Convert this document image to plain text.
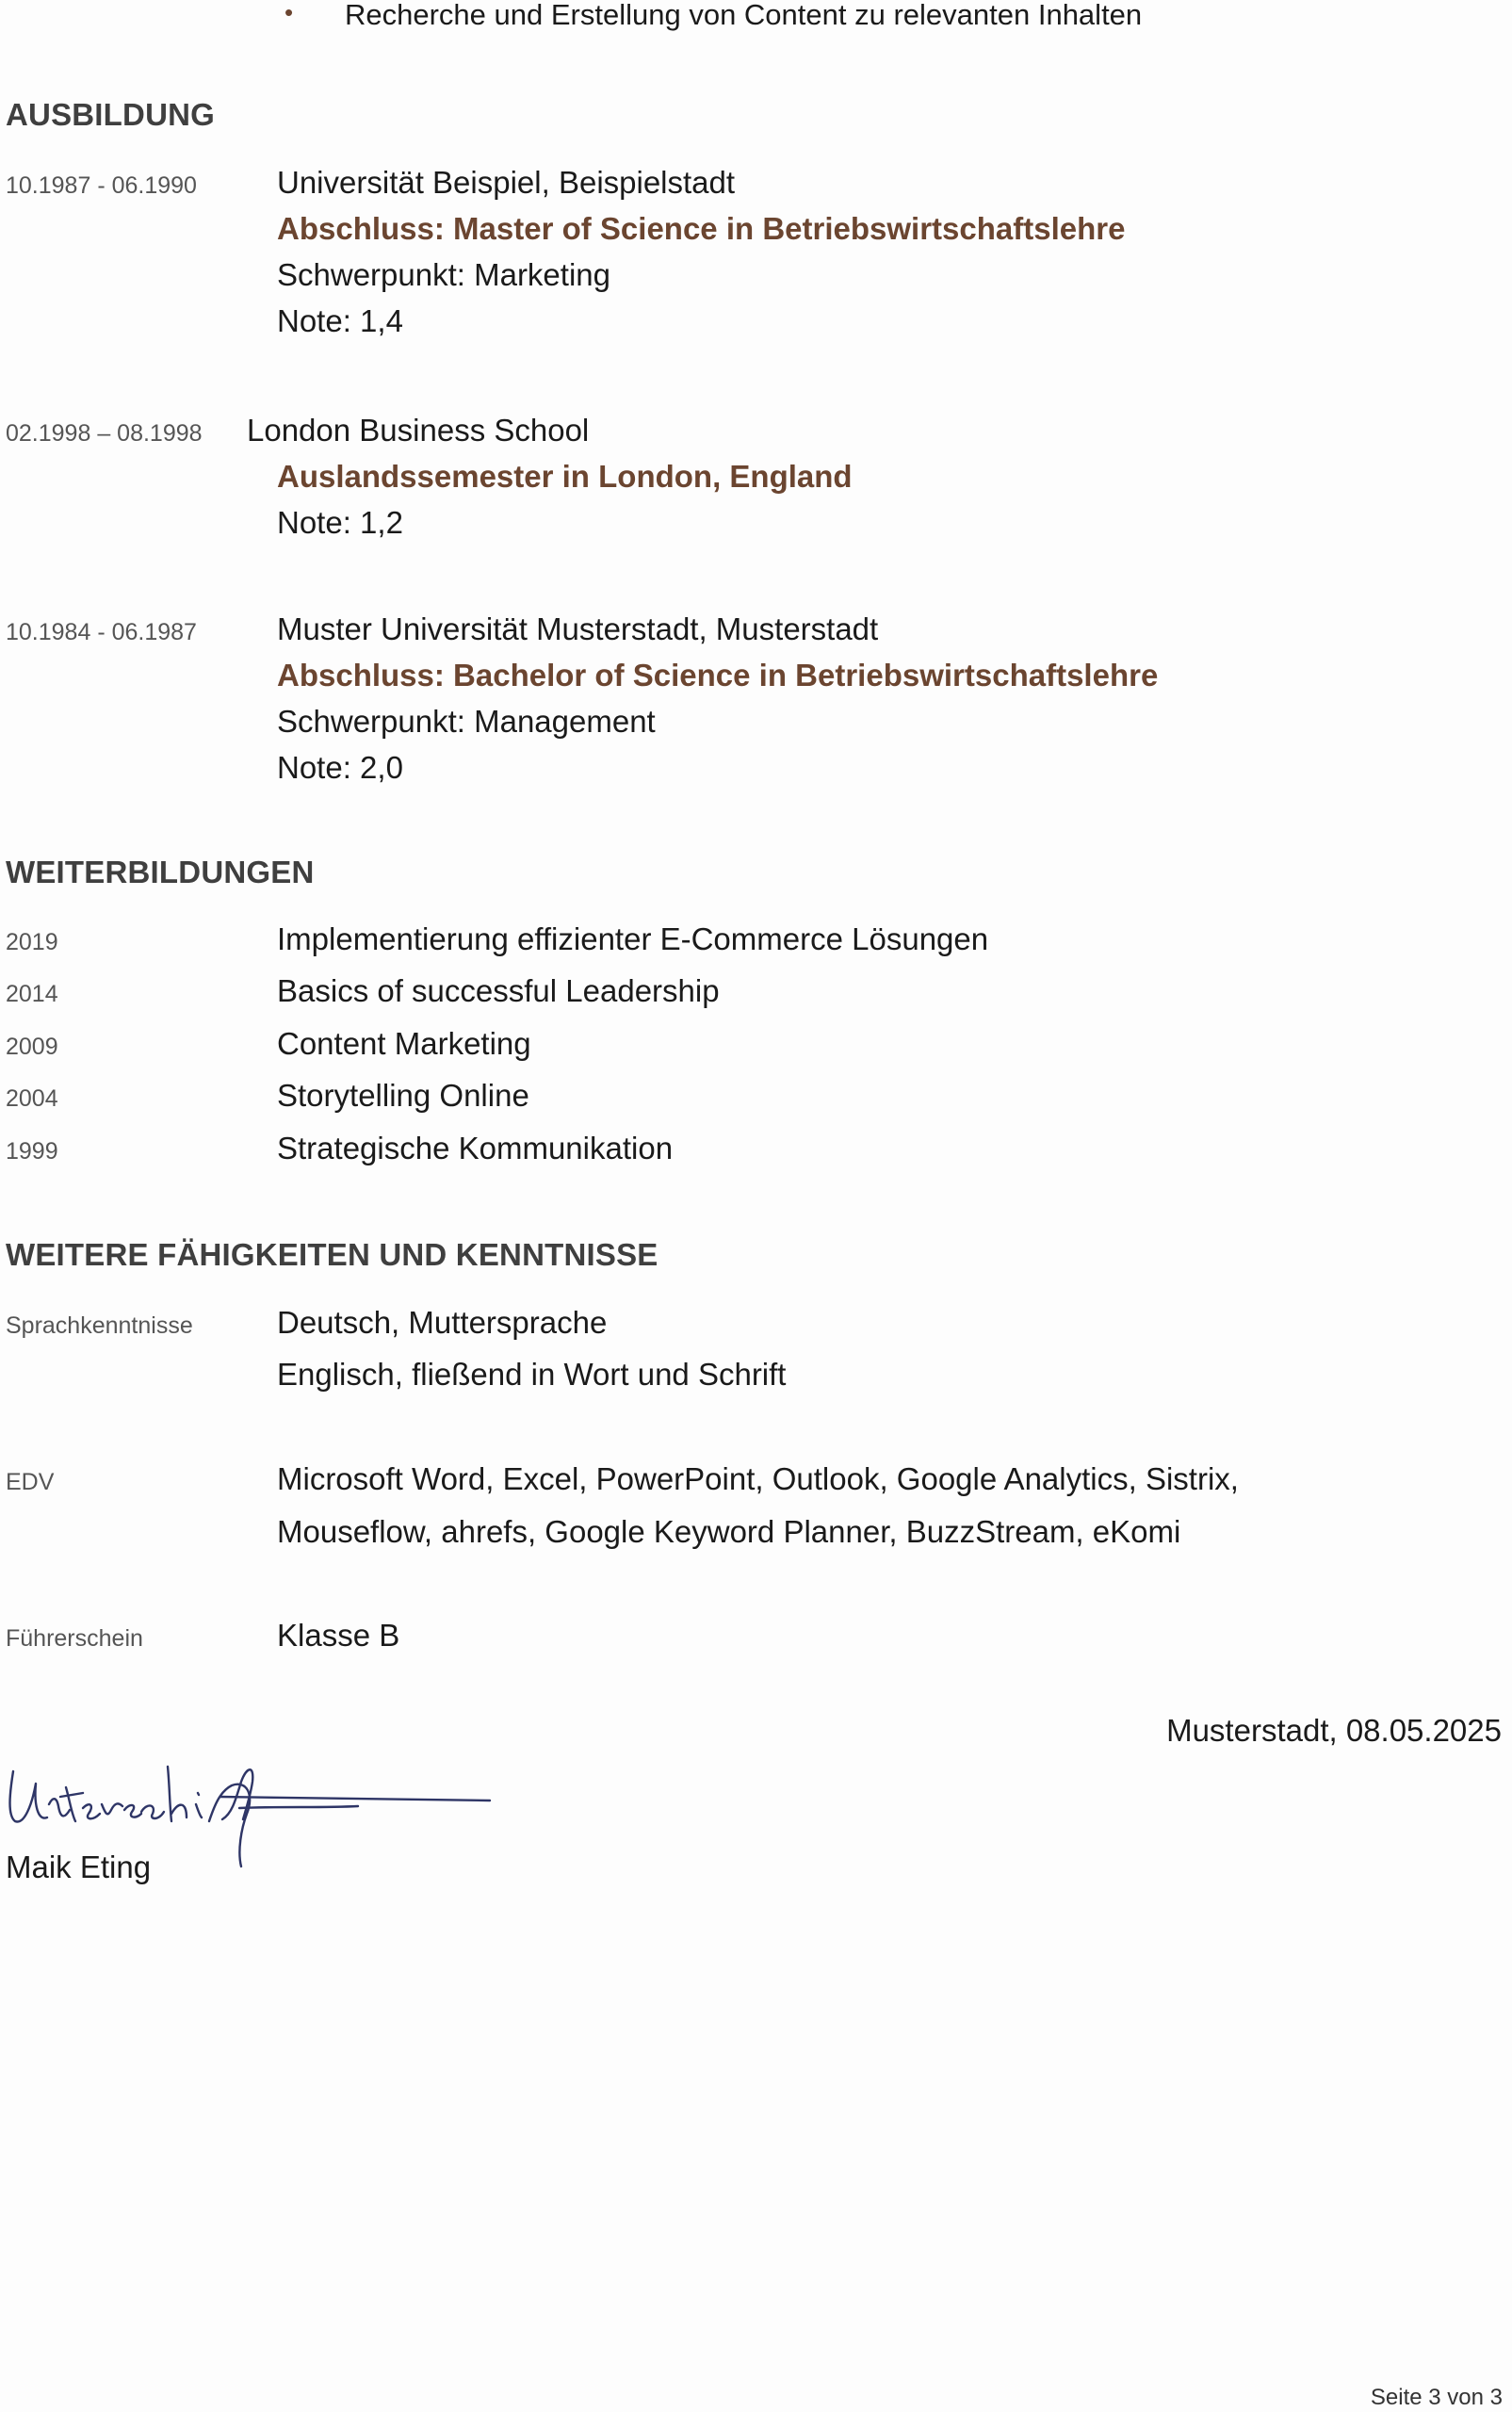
• Recherche und Erstellung von Content zu relevanten Inhalten
AUSBILDUNG
10.1987 - 06.1990	Universität Beispiel, Beispielstadt
Abschluss: Master of Science in Betriebswirtschaftslehre
Schwerpunkt: Marketing
Note: 1,4
02.1998 – 08.1998 London Business School
Auslandssemester in London, England
Note: 1,2
10.1984 - 06.1987	Muster Universität Musterstadt, Musterstadt
Abschluss: Bachelor of Science in Betriebswirtschaftslehre
Schwerpunkt: Management
Note: 2,0
WEITERBILDUNGEN
2019	Implementierung effizienter E-Commerce Lösungen
2014	Basics of successful Leadership
2009	Content Marketing
2004	Storytelling Online
1999	Strategische Kommunikation
WEITERE FÄHIGKEITEN UND KENNTNISSE
Sprachkenntnisse	Deutsch, Muttersprache
Englisch, fließend in Wort und Schrift
EDV	Microsoft Word, Excel, PowerPoint, Outlook, Google Analytics, Sistrix,
Mouseflow, ahrefs, Google Keyword Planner, BuzzStream, eKomi
Führerschein	Klasse B
Musterstadt, 08.05.2025
Unterschrift
Maik Eting
Seite 3 von 3
